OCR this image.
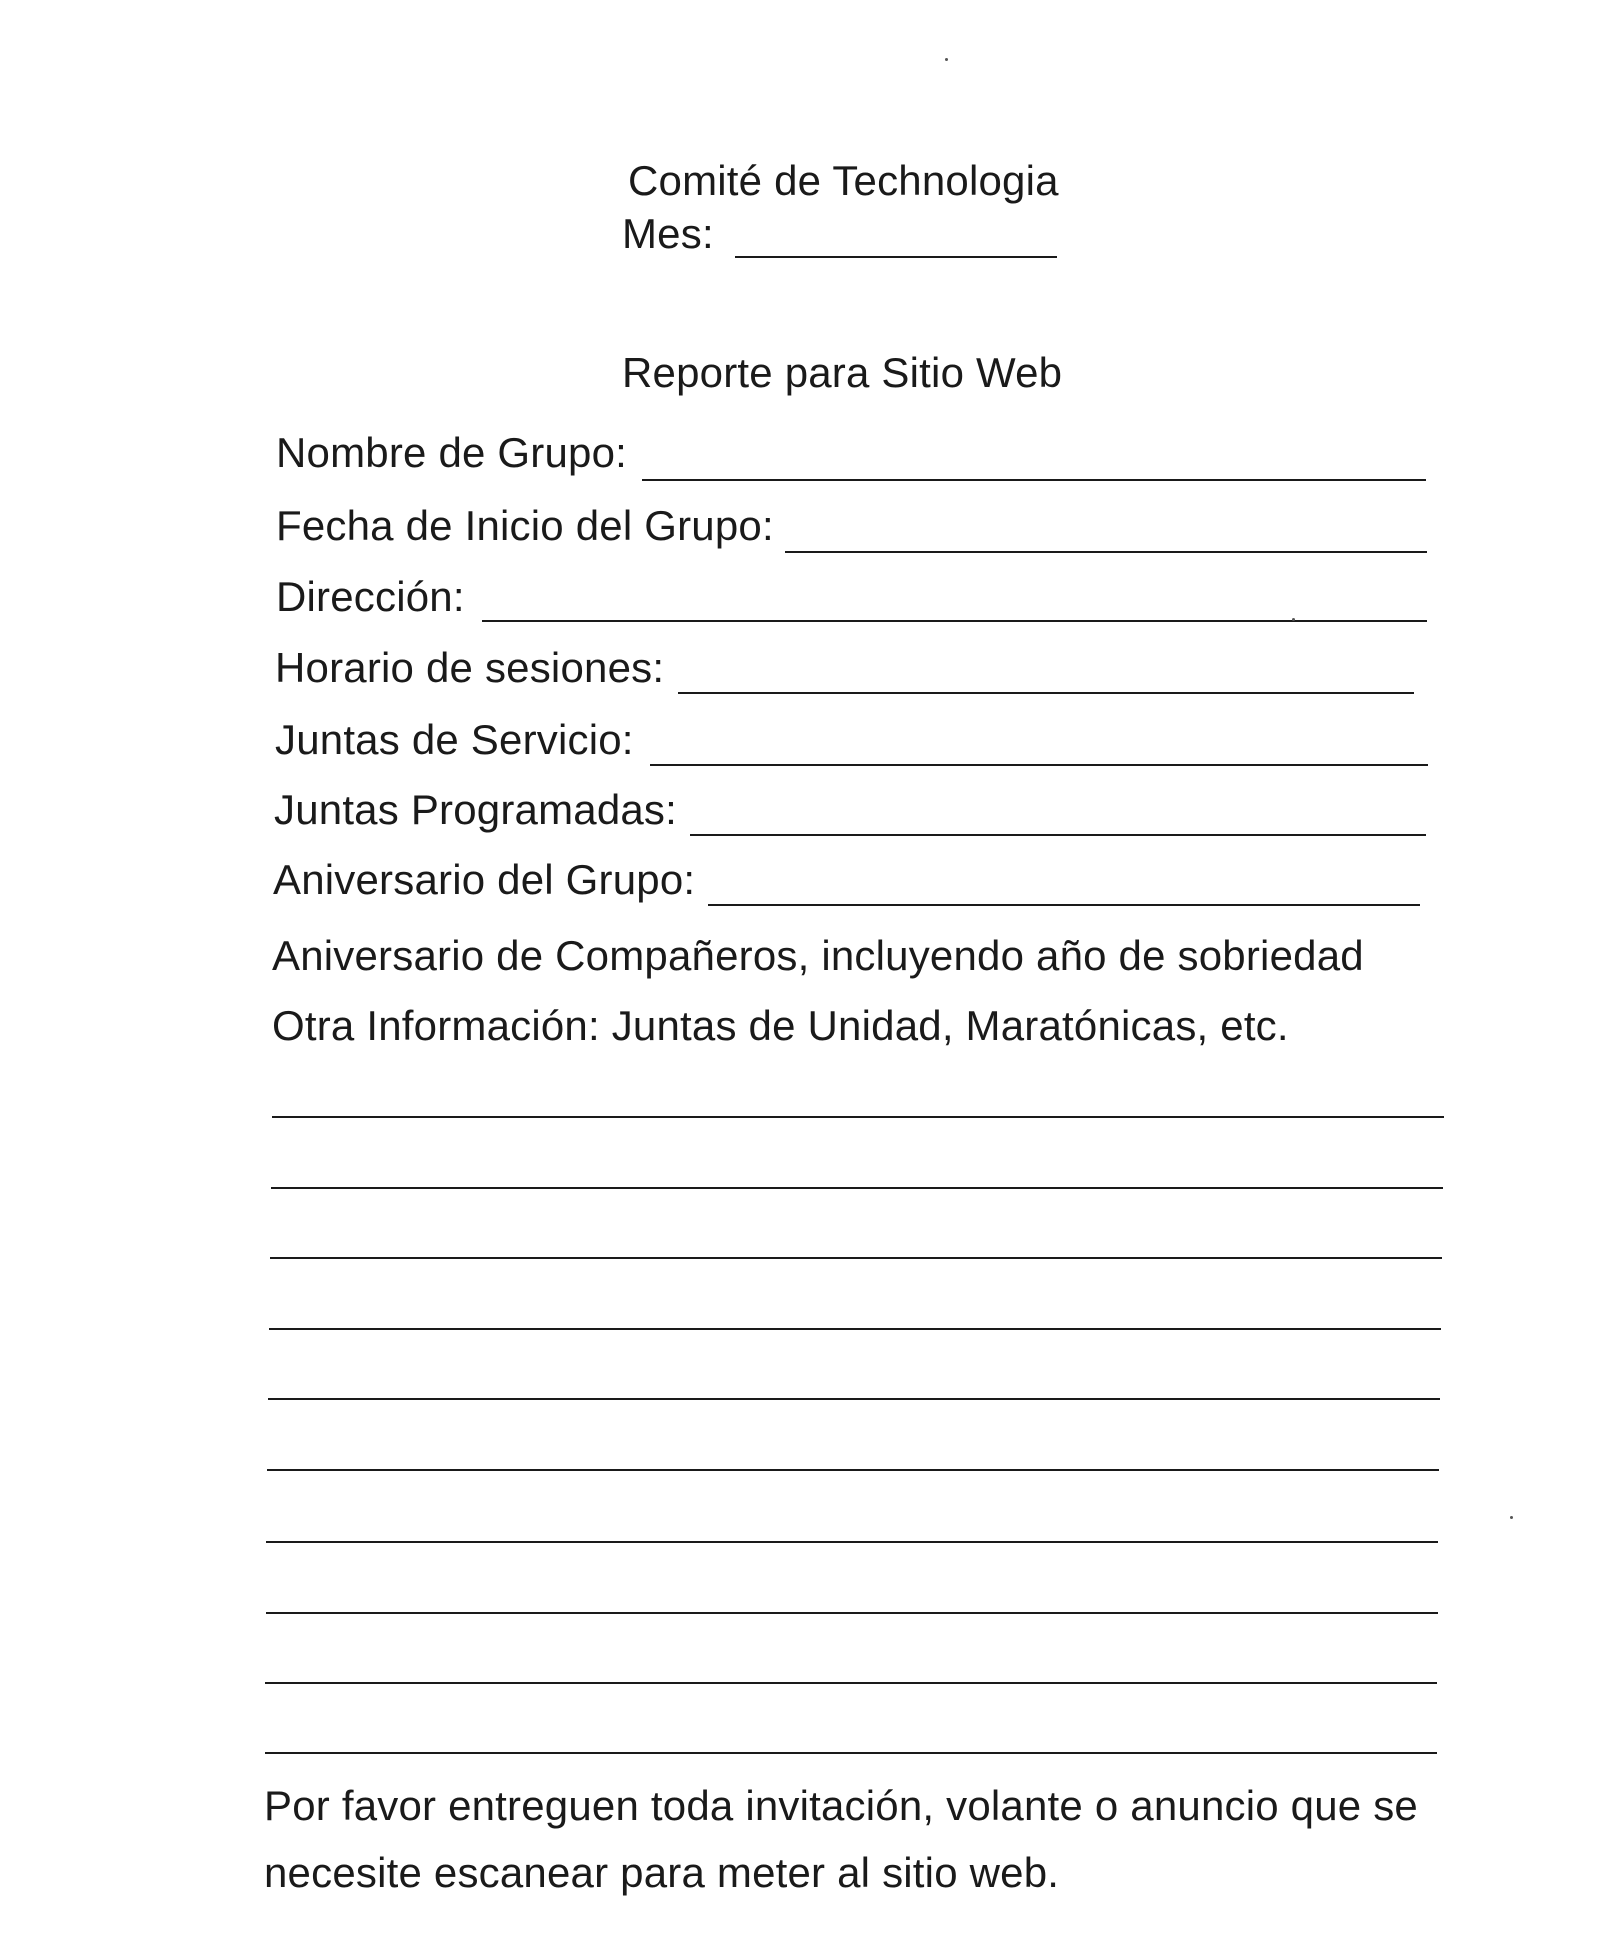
Comité de Technologia
Mes:
Reporte para Sitio Web
Nombre de Grupo:
Fecha de Inicio del Grupo:
Dirección:
Horario de sesiones:
Juntas de Servicio:
Juntas Programadas:
Aniversario del Grupo:
Aniversario de Compañeros, incluyendo año de sobriedad
Otra Información: Juntas de Unidad, Maratónicas, etc.
Por favor entreguen toda invitación, volante o anuncio que se
necesite escanear para meter al sitio web.
